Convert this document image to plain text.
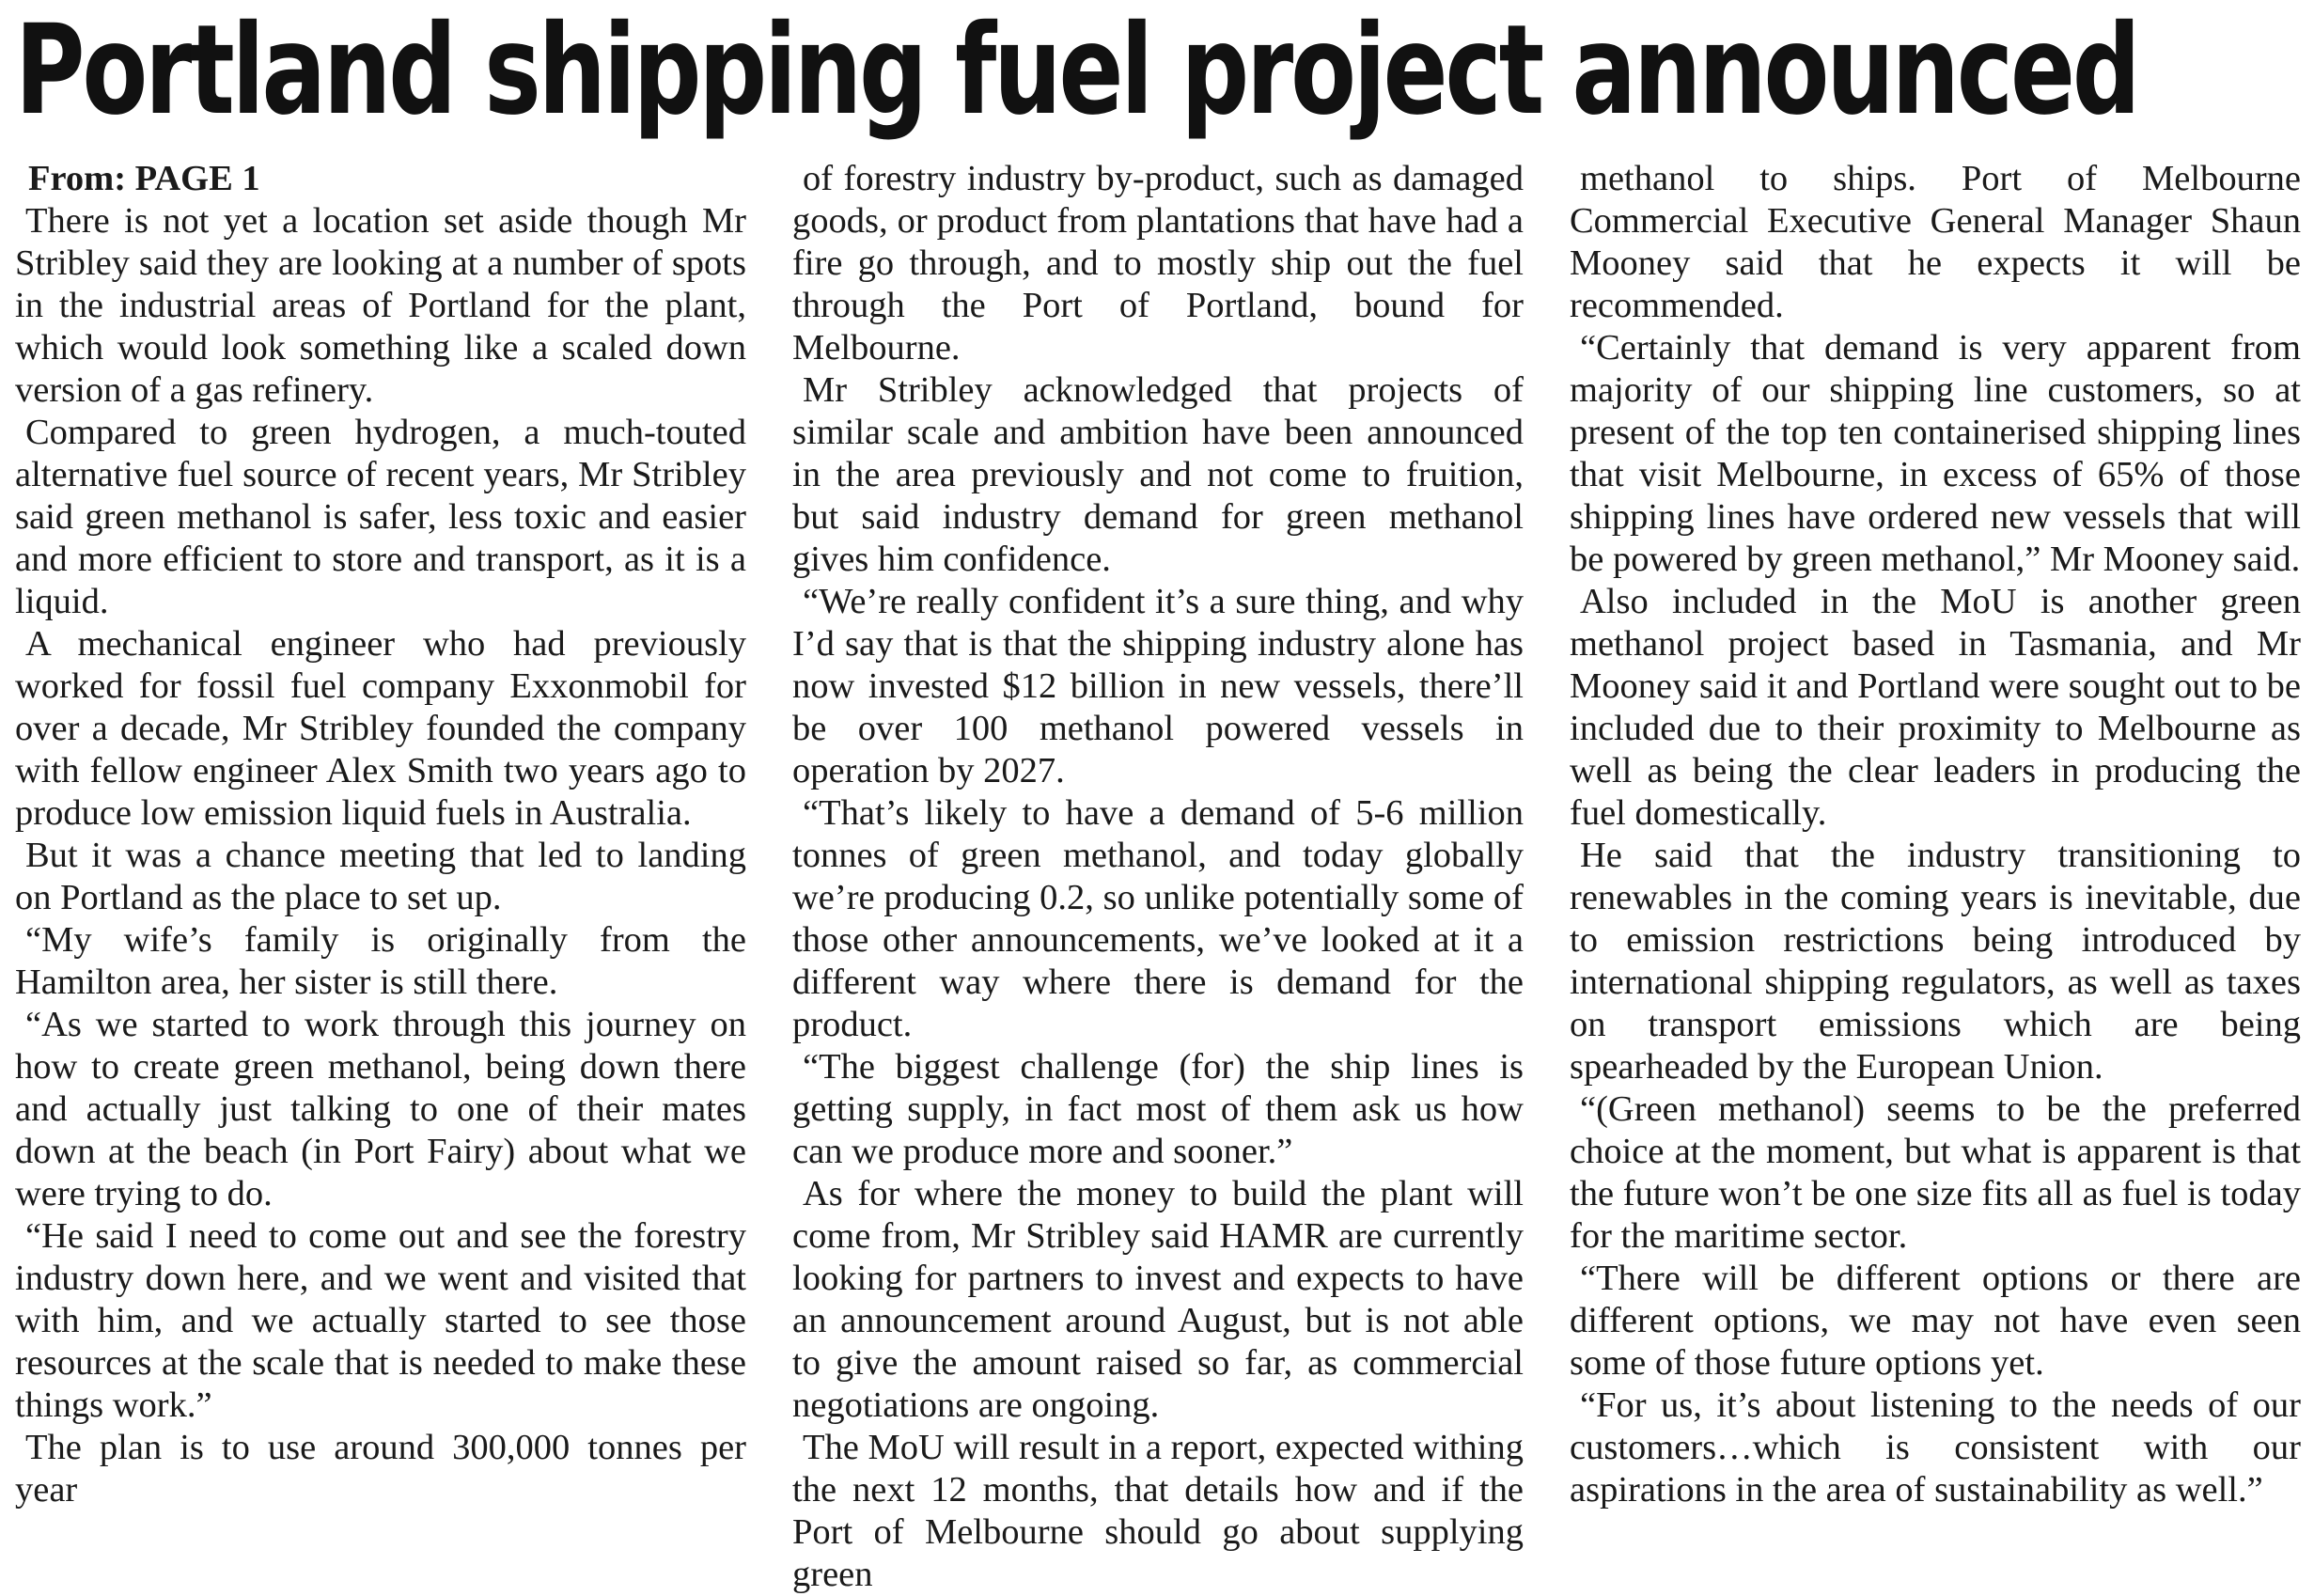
Portland shipping fuel project announced

From: PAGE 1

There is not yet a location set aside though Mr Stribley said they are looking at a number of spots in the industrial areas of Portland for the plant, which would look something like a scaled down version of a gas refinery.

Compared to green hydrogen, a much-touted alternative fuel source of recent years, Mr Stribley said green methanol is safer, less toxic and easier and more efficient to store and transport, as it is a liquid.

A mechanical engineer who had previously worked for fossil fuel company Exxonmobil for over a decade, Mr Stribley founded the company with fellow engineer Alex Smith two years ago to produce low emission liquid fuels in Australia.

But it was a chance meeting that led to landing on Portland as the place to set up.

“My wife’s family is originally from the Hamilton area, her sister is still there.

“As we started to work through this journey on how to create green methanol, being down there and actually just talking to one of their mates down at the beach (in Port Fairy) about what we were trying to do.

“He said I need to come out and see the forestry industry down here, and we went and visited that with him, and we actually started to see those resources at the scale that is needed to make these things work.”

The plan is to use around 300,000 tonnes per year

of forestry industry by-product, such as damaged goods, or product from plantations that have had a fire go through, and to mostly ship out the fuel through the Port of Portland, bound for Melbourne.

Mr Stribley acknowledged that projects of similar scale and ambition have been announced in the area previously and not come to fruition, but said industry demand for green methanol gives him confidence.

“We’re really confident it’s a sure thing, and why I’d say that is that the shipping industry alone has now invested $12 billion in new vessels, there’ll be over 100 methanol powered vessels in operation by 2027.

“That’s likely to have a demand of 5-6 million tonnes of green methanol, and today globally we’re producing 0.2, so unlike potentially some of those other announcements, we’ve looked at it a different way where there is demand for the product.

“The biggest challenge (for) the ship lines is getting supply, in fact most of them ask us how can we produce more and sooner.”

As for where the money to build the plant will come from, Mr Stribley said HAMR are currently looking for partners to invest and expects to have an announcement around August, but is not able to give the amount raised so far, as commercial negotiations are ongoing.

The MoU will result in a report, expected withing the next 12 months, that details how and if the Port of Melbourne should go about supplying green

methanol to ships. Port of Melbourne Commercial Executive General Manager Shaun Mooney said that he expects it will be recommended.

“Certainly that demand is very apparent from majority of our shipping line customers, so at present of the top ten containerised shipping lines that visit Melbourne, in excess of 65% of those shipping lines have ordered new vessels that will be powered by green methanol,” Mr Mooney said.

Also included in the MoU is another green methanol project based in Tasmania, and Mr Mooney said it and Portland were sought out to be included due to their proximity to Melbourne as well as being the clear leaders in producing the fuel domestically.

He said that the industry transitioning to renewables in the coming years is inevitable, due to emission restrictions being introduced by international shipping regulators, as well as taxes on transport emissions which are being spearheaded by the European Union.

“(Green methanol) seems to be the preferred choice at the moment, but what is apparent is that the future won’t be one size fits all as fuel is today for the maritime sector.

“There will be different options or there are different options, we may not have even seen some of those future options yet.

“For us, it’s about listening to the needs of our customers…which is consistent with our aspirations in the area of sustainability as well.”
